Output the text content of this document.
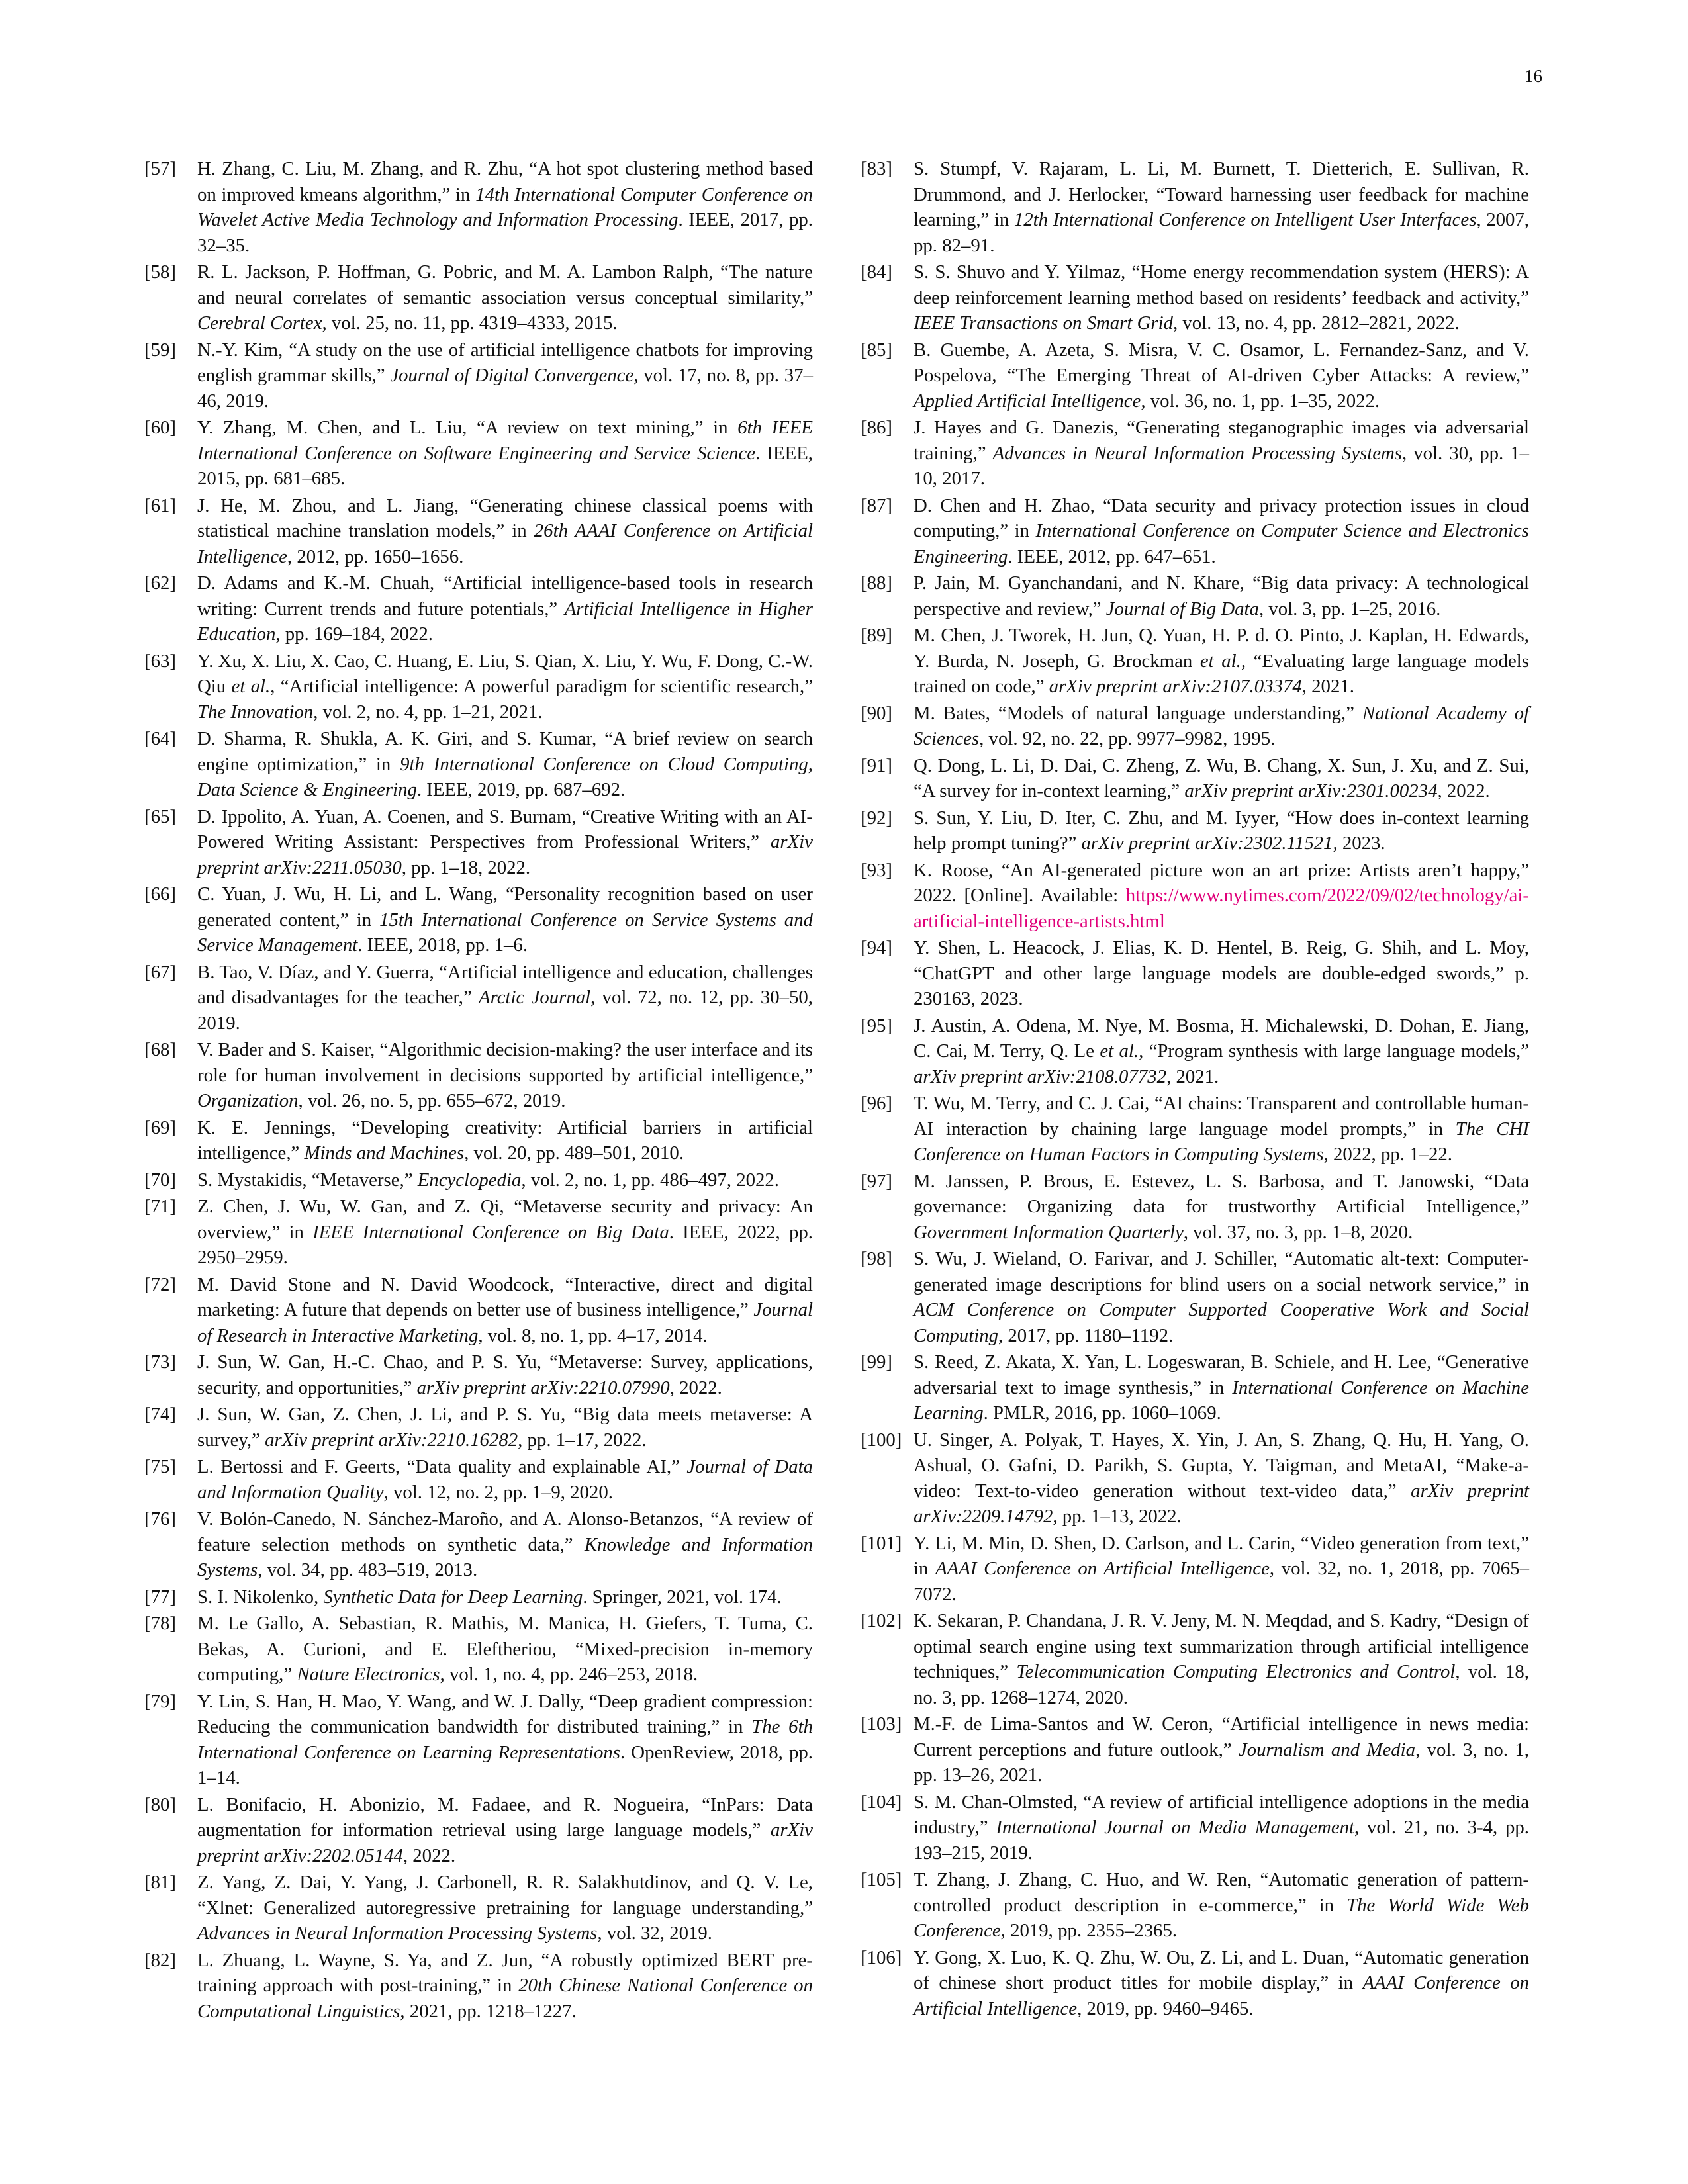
16
[57]	H. Zhang, C. Liu, M. Zhang, and R. Zhu, “A hot spot clustering method based on improved kmeans algorithm,” in 14th International Computer Conference on Wavelet Active Media Technology and Information Processing. IEEE, 2017, pp. 32–35.
[58]	R. L. Jackson, P. Hoffman, G. Pobric, and M. A. Lambon Ralph, “The nature and neural correlates of semantic association versus conceptual similarity,” Cerebral Cortex, vol. 25, no. 11, pp. 4319–4333, 2015.
[59]	N.-Y. Kim, “A study on the use of artificial intelligence chatbots for improving english grammar skills,” Journal of Digital Convergence, vol. 17, no. 8, pp. 37–46, 2019.
[60]	Y. Zhang, M. Chen, and L. Liu, “A review on text mining,” in 6th IEEE International Conference on Software Engineering and Service Science. IEEE, 2015, pp. 681–685.
[61]	J. He, M. Zhou, and L. Jiang, “Generating chinese classical poems with statistical machine translation models,” in 26th AAAI Conference on Artificial Intelligence, 2012, pp. 1650–1656.
[62]	D. Adams and K.-M. Chuah, “Artificial intelligence-based tools in research writing: Current trends and future potentials,” Artificial Intelligence in Higher Education, pp. 169–184, 2022.
[63]	Y. Xu, X. Liu, X. Cao, C. Huang, E. Liu, S. Qian, X. Liu, Y. Wu, F. Dong, C.-W. Qiu et al., “Artificial intelligence: A powerful paradigm for scientific research,” The Innovation, vol. 2, no. 4, pp. 1–21, 2021.
[64]	D. Sharma, R. Shukla, A. K. Giri, and S. Kumar, “A brief review on search engine optimization,” in 9th International Conference on Cloud Computing, Data Science & Engineering. IEEE, 2019, pp. 687–692.
[65]	D. Ippolito, A. Yuan, A. Coenen, and S. Burnam, “Creative Writing with an AI-Powered Writing Assistant: Perspectives from Professional Writers,” arXiv preprint arXiv:2211.05030, pp. 1–18, 2022.
[66]	C. Yuan, J. Wu, H. Li, and L. Wang, “Personality recognition based on user generated content,” in 15th International Conference on Service Systems and Service Management. IEEE, 2018, pp. 1–6.
[67]	B. Tao, V. Díaz, and Y. Guerra, “Artificial intelligence and education, challenges and disadvantages for the teacher,” Arctic Journal, vol. 72, no. 12, pp. 30–50, 2019.
[68]	V. Bader and S. Kaiser, “Algorithmic decision-making? the user interface and its role for human involvement in decisions supported by artificial intelligence,” Organization, vol. 26, no. 5, pp. 655–672, 2019.
[69]	K. E. Jennings, “Developing creativity: Artificial barriers in artificial intelligence,” Minds and Machines, vol. 20, pp. 489–501, 2010.
[70]	S. Mystakidis, “Metaverse,” Encyclopedia, vol. 2, no. 1, pp. 486–497, 2022.
[71]	Z. Chen, J. Wu, W. Gan, and Z. Qi, “Metaverse security and privacy: An overview,” in IEEE International Conference on Big Data. IEEE, 2022, pp. 2950–2959.
[72]	M. David Stone and N. David Woodcock, “Interactive, direct and digital marketing: A future that depends on better use of business intelligence,” Journal of Research in Interactive Marketing, vol. 8, no. 1, pp. 4–17, 2014.
[73]	J. Sun, W. Gan, H.-C. Chao, and P. S. Yu, “Metaverse: Survey, applications, security, and opportunities,” arXiv preprint arXiv:2210.07990, 2022.
[74]	J. Sun, W. Gan, Z. Chen, J. Li, and P. S. Yu, “Big data meets metaverse: A survey,” arXiv preprint arXiv:2210.16282, pp. 1–17, 2022.
[75]	L. Bertossi and F. Geerts, “Data quality and explainable AI,” Journal of Data and Information Quality, vol. 12, no. 2, pp. 1–9, 2020.
[76]	V. Bolón-Canedo, N. Sánchez-Maroño, and A. Alonso-Betanzos, “A review of feature selection methods on synthetic data,” Knowledge and Information Systems, vol. 34, pp. 483–519, 2013.
[77]	S. I. Nikolenko, Synthetic Data for Deep Learning. Springer, 2021, vol. 174.
[78]	M. Le Gallo, A. Sebastian, R. Mathis, M. Manica, H. Giefers, T. Tuma, C. Bekas, A. Curioni, and E. Eleftheriou, “Mixed-precision in-memory computing,” Nature Electronics, vol. 1, no. 4, pp. 246–253, 2018.
[79]	Y. Lin, S. Han, H. Mao, Y. Wang, and W. J. Dally, “Deep gradient compression: Reducing the communication bandwidth for distributed training,” in The 6th International Conference on Learning Representations. OpenReview, 2018, pp. 1–14.
[80]	L. Bonifacio, H. Abonizio, M. Fadaee, and R. Nogueira, “InPars: Data augmentation for information retrieval using large language models,” arXiv preprint arXiv:2202.05144, 2022.
[81]	Z. Yang, Z. Dai, Y. Yang, J. Carbonell, R. R. Salakhutdinov, and Q. V. Le, “Xlnet: Generalized autoregressive pretraining for language understanding,” Advances in Neural Information Processing Systems, vol. 32, 2019.
[82]	L. Zhuang, L. Wayne, S. Ya, and Z. Jun, “A robustly optimized BERT pre-training approach with post-training,” in 20th Chinese National Conference on Computational Linguistics, 2021, pp. 1218–1227.
[83]	S. Stumpf, V. Rajaram, L. Li, M. Burnett, T. Dietterich, E. Sullivan, R. Drummond, and J. Herlocker, “Toward harnessing user feedback for machine learning,” in 12th International Conference on Intelligent User Interfaces, 2007, pp. 82–91.
[84]	S. S. Shuvo and Y. Yilmaz, “Home energy recommendation system (HERS): A deep reinforcement learning method based on residents’ feedback and activity,” IEEE Transactions on Smart Grid, vol. 13, no. 4, pp. 2812–2821, 2022.
[85]	B. Guembe, A. Azeta, S. Misra, V. C. Osamor, L. Fernandez-Sanz, and V. Pospelova, “The Emerging Threat of AI-driven Cyber Attacks: A review,” Applied Artificial Intelligence, vol. 36, no. 1, pp. 1–35, 2022.
[86]	J. Hayes and G. Danezis, “Generating steganographic images via adversarial training,” Advances in Neural Information Processing Systems, vol. 30, pp. 1–10, 2017.
[87]	D. Chen and H. Zhao, “Data security and privacy protection issues in cloud computing,” in International Conference on Computer Science and Electronics Engineering. IEEE, 2012, pp. 647–651.
[88]	P. Jain, M. Gyanchandani, and N. Khare, “Big data privacy: A technological perspective and review,” Journal of Big Data, vol. 3, pp. 1–25, 2016.
[89]	M. Chen, J. Tworek, H. Jun, Q. Yuan, H. P. d. O. Pinto, J. Kaplan, H. Edwards, Y. Burda, N. Joseph, G. Brockman et al., “Evaluating large language models trained on code,” arXiv preprint arXiv:2107.03374, 2021.
[90]	M. Bates, “Models of natural language understanding,” National Academy of Sciences, vol. 92, no. 22, pp. 9977–9982, 1995.
[91]	Q. Dong, L. Li, D. Dai, C. Zheng, Z. Wu, B. Chang, X. Sun, J. Xu, and Z. Sui, “A survey for in-context learning,” arXiv preprint arXiv:2301.00234, 2022.
[92]	S. Sun, Y. Liu, D. Iter, C. Zhu, and M. Iyyer, “How does in-context learning help prompt tuning?” arXiv preprint arXiv:2302.11521, 2023.
[93]	K. Roose, “An AI-generated picture won an art prize: Artists aren’t happy,” 2022. [Online]. Available: https://www.nytimes.com/2022/09/02/technology/ai-artificial-intelligence-artists.html
[94]	Y. Shen, L. Heacock, J. Elias, K. D. Hentel, B. Reig, G. Shih, and L. Moy, “ChatGPT and other large language models are double-edged swords,” p. 230163, 2023.
[95]	J. Austin, A. Odena, M. Nye, M. Bosma, H. Michalewski, D. Dohan, E. Jiang, C. Cai, M. Terry, Q. Le et al., “Program synthesis with large language models,” arXiv preprint arXiv:2108.07732, 2021.
[96]	T. Wu, M. Terry, and C. J. Cai, “AI chains: Transparent and controllable human-AI interaction by chaining large language model prompts,” in The CHI Conference on Human Factors in Computing Systems, 2022, pp. 1–22.
[97]	M. Janssen, P. Brous, E. Estevez, L. S. Barbosa, and T. Janowski, “Data governance: Organizing data for trustworthy Artificial Intelligence,” Government Information Quarterly, vol. 37, no. 3, pp. 1–8, 2020.
[98]	S. Wu, J. Wieland, O. Farivar, and J. Schiller, “Automatic alt-text: Computer-generated image descriptions for blind users on a social network service,” in ACM Conference on Computer Supported Cooperative Work and Social Computing, 2017, pp. 1180–1192.
[99]	S. Reed, Z. Akata, X. Yan, L. Logeswaran, B. Schiele, and H. Lee, “Generative adversarial text to image synthesis,” in International Conference on Machine Learning. PMLR, 2016, pp. 1060–1069.
[100] U. Singer, A. Polyak, T. Hayes, X. Yin, J. An, S. Zhang, Q. Hu, H. Yang, O. Ashual, O. Gafni, D. Parikh, S. Gupta, Y. Taigman, and MetaAI, “Make-a-video: Text-to-video generation without text-video data,” arXiv preprint arXiv:2209.14792, pp. 1–13, 2022.
[101] Y. Li, M. Min, D. Shen, D. Carlson, and L. Carin, “Video generation from text,” in AAAI Conference on Artificial Intelligence, vol. 32, no. 1, 2018, pp. 7065–7072.
[102] K. Sekaran, P. Chandana, J. R. V. Jeny, M. N. Meqdad, and S. Kadry, “Design of optimal search engine using text summarization through artificial intelligence techniques,” Telecommunication Computing Electronics and Control, vol. 18, no. 3, pp. 1268–1274, 2020.
[103] M.-F. de Lima-Santos and W. Ceron, “Artificial intelligence in news media: Current perceptions and future outlook,” Journalism and Media, vol. 3, no. 1, pp. 13–26, 2021.
[104] S. M. Chan-Olmsted, “A review of artificial intelligence adoptions in the media industry,” International Journal on Media Management, vol. 21, no. 3-4, pp. 193–215, 2019.
[105] T. Zhang, J. Zhang, C. Huo, and W. Ren, “Automatic generation of pattern-controlled product description in e-commerce,” in The World Wide Web Conference, 2019, pp. 2355–2365.
[106] Y. Gong, X. Luo, K. Q. Zhu, W. Ou, Z. Li, and L. Duan, “Automatic generation of chinese short product titles for mobile display,” in AAAI Conference on Artificial Intelligence, 2019, pp. 9460–9465.
